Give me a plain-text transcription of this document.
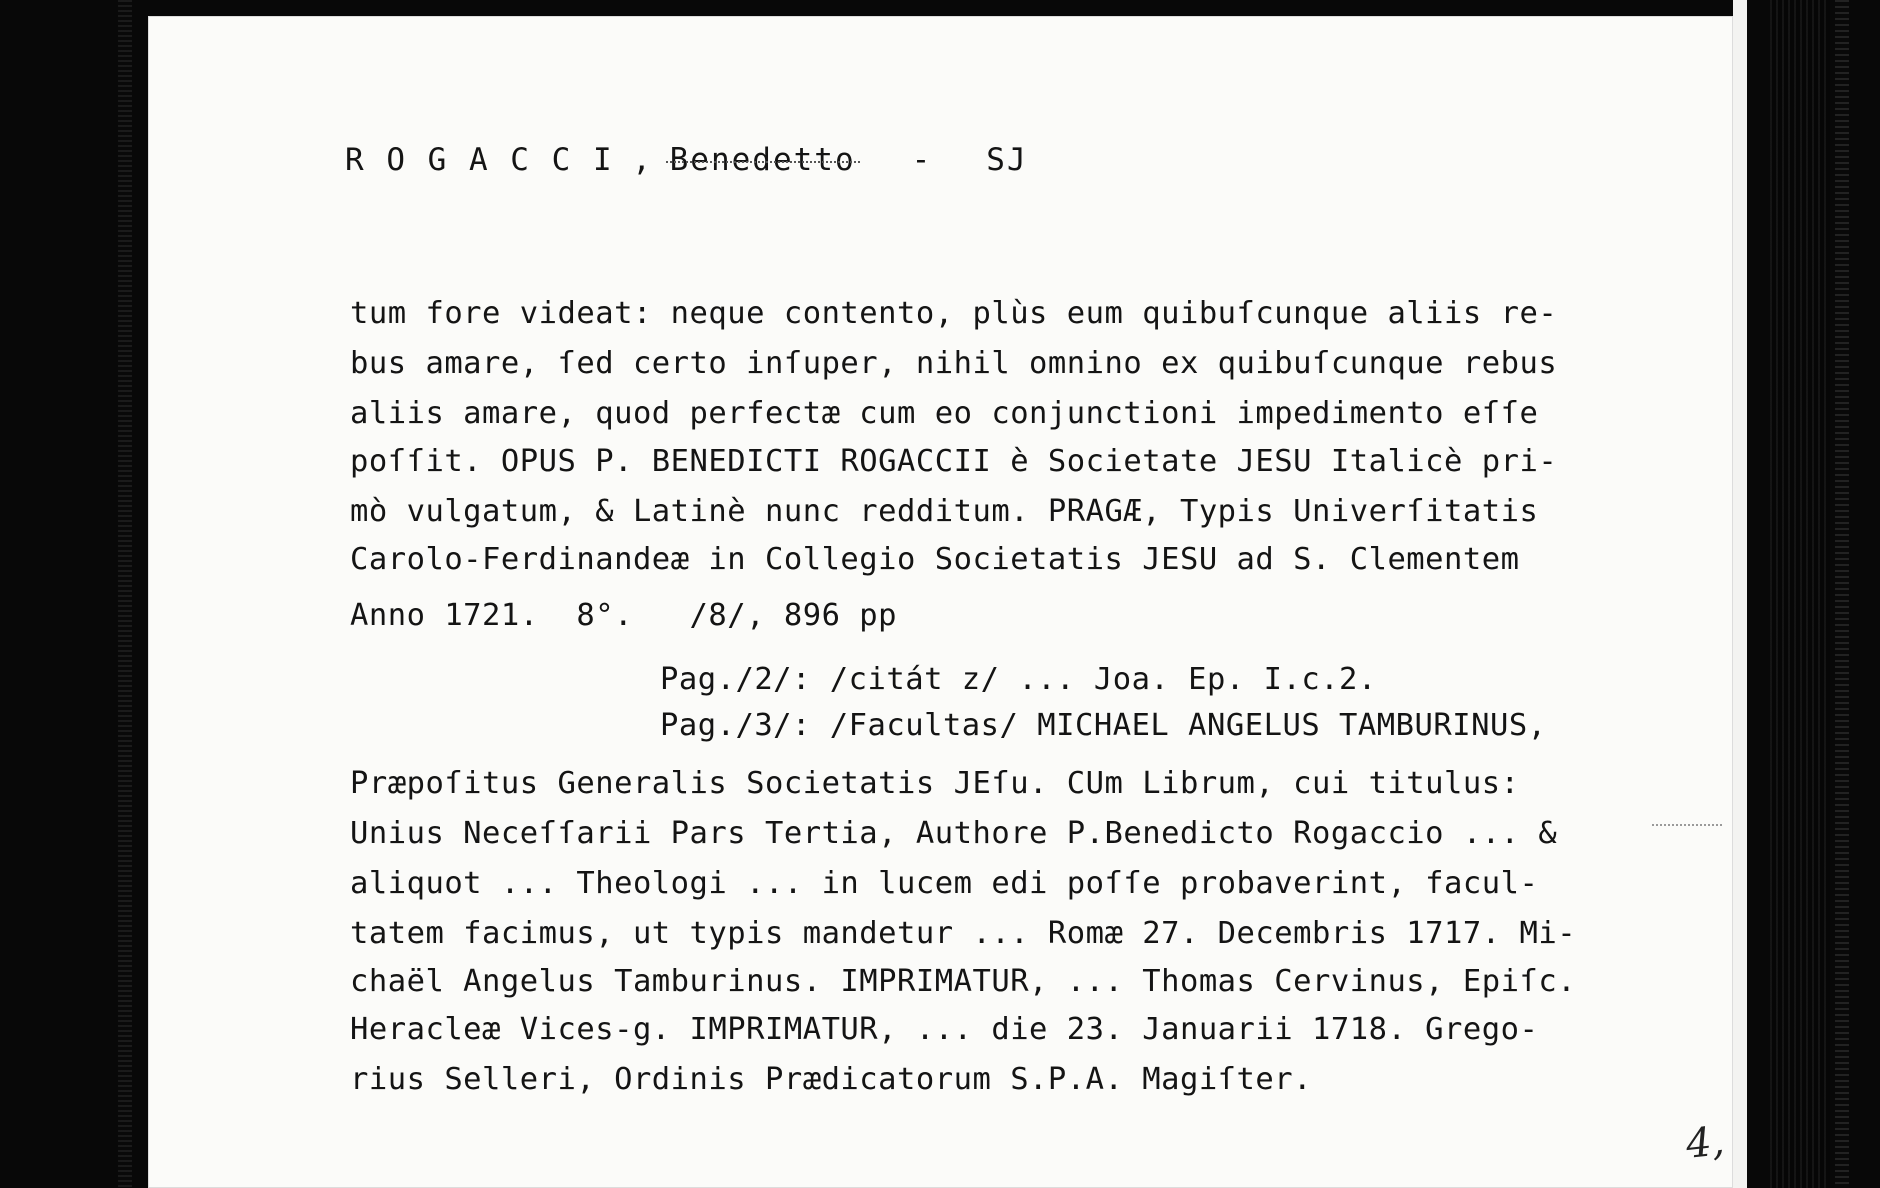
R O G A C C I , Benedetto   -   SJ
tum fore videat: neque contento, plùs eum quibuſcunque aliis re-
bus amare, ſed certo inſuper, nihil omnino ex quibuſcunque rebus
aliis amare, quod perfectæ cum eo conjunctioni impedimento eſſe
poſſit. OPUS P. BENEDICTI ROGACCII è Societate JESU Italicè pri-
mò vulgatum, & Latinè nunc redditum. PRAGÆ, Typis Univerſitatis
Carolo-Ferdinandeæ in Collegio Societatis JESU ad S. Clementem
Anno 1721.  8°.   /8/, 896 pp
Pag./2/: /citát z/ ... Joa. Ep. I.c.2.
Pag./3/: /Facultas/ MICHAEL ANGELUS TAMBURINUS,
Præpoſitus Generalis Societatis JEſu. CUm Librum, cui titulus:
Unius Neceſſarii Pars Tertia, Authore P.Benedicto Rogaccio ... &
aliquot ... Theologi ... in lucem edi poſſe probaverint, facul-
tatem facimus, ut typis mandetur ... Romæ 27. Decembris 1717. Mi-
chaël Angelus Tamburinus. IMPRIMATUR, ... Thomas Cervinus, Epiſc.
Heracleæ Vices-g. IMPRIMATUR, ... die 23. Januarii 1718. Grego-
rius Selleri, Ordinis Prædicatorum S.P.A. Magiſter.
4,
